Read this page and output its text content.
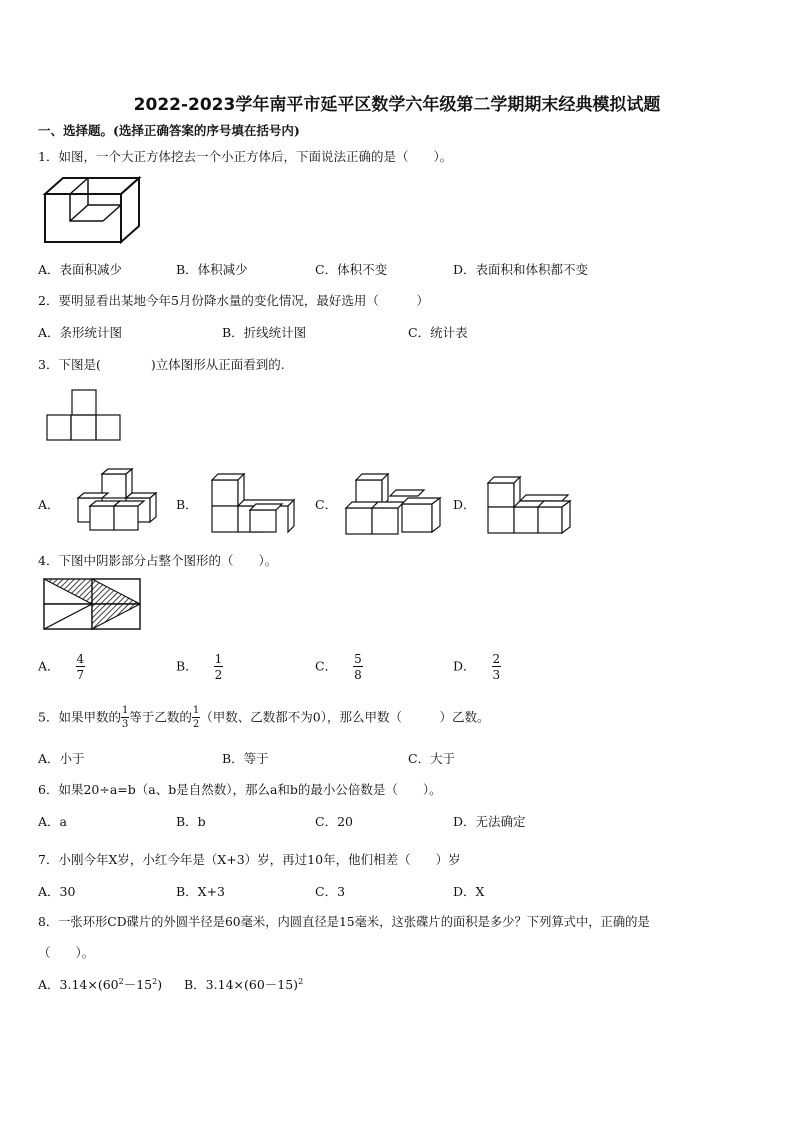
2022-2023学年南平市延平区数学六年级第二学期期末经典模拟试题
一、选择题。(选择正确答案的序号填在括号内)
1．如图，一个大正方体挖去一个小正方体后，下面说法正确的是（　　）。
A．表面积减少	B．体积减少	C．体积不变	D．表面积和体积都不变
2．要明显看出某地今年5月份降水量的变化情况，最好选用（　　　）
A．条形统计图	B．折线统计图	C．统计表
3．下图是(　　　　)立体图形从正面看到的.
A．	B．	C．	D．
4．下图中阴影部分占整个图形的（　　）。
A． $\frac{4}{7}$	B． $\frac{1}{2}$	C． $\frac{5}{8}$	D． $\frac{2}{3}$
5．如果甲数的 $\frac{1}{3}$ 等于乙数的 $\frac{1}{2}$ （甲数、乙数都不为0），那么甲数（　　　）乙数。
A．小于	B．等于	C．大于
6．如果20÷a=b（a、b是自然数），那么a和b的最小公倍数是（　　）。
A．a	B．b	C．20	D．无法确定
7．小刚今年X岁，小红今年是（X+3）岁，再过10年，他们相差（　　）岁
A．30	B．X+3	C．3	D．X
8．一张环形CD碟片的外圆半径是60毫米，内圆直径是15毫米，这张碟片的面积是多少？下列算式中，正确的是
（　　）。
A．$3.14\times(60^2-15^2)$ B．$3.14\times(60-15)^2$
